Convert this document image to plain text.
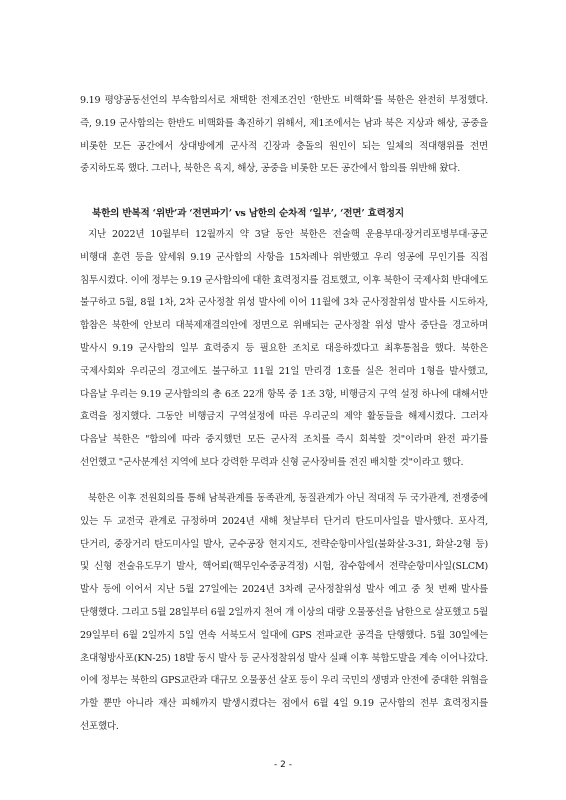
9.19 평양공동선언의 부속합의서로 채택한 전제조건인 ‘한반도 비핵화’를 북한은 완전히 부정했다. 즉, 9.19 군사합의는 한반도 비핵화를 촉진하기 위해서, 제1조에서는 남과 북은 지상과 해상, 공중을 비롯한 모든 공간에서 상대방에게 군사적 긴장과 충돌의 원인이 되는 일체의 적대행위를 전면 중지하도록 했다. 그러나, 북한은 육지, 해상, 공중을 비롯한 모든 공간에서 합의를 위반해 왔다.

북한의 반복적 ‘위반’과 ‘전면파기’ vs 남한의 순차적 ‘일부’, ‘전면’ 효력정지

지난 2022년 10월부터 12월까지 약 3달 동안 북한은 전술핵 운용부대·장거리포병부대·공군 비행대 훈련 등을 앞세워 9.19 군사합의 사항을 15차례나 위반했고 우리 영공에 무인기를 직접 침투시켰다. 이에 정부는 9.19 군사합의에 대한 효력정지를 검토했고, 이후 북한이 국제사회 반대에도 불구하고 5월, 8월 1차, 2차 군사정찰 위성 발사에 이어 11월에 3차 군사정찰위성 발사를 시도하자, 합참은 북한에 안보리 대북제재결의안에 정면으로 위배되는 군사정찰 위성 발사 중단을 경고하며 발사시 9.19 군사합의 일부 효력중지 등 필요한 조치로 대응하겠다고 최후통첩을 했다. 북한은 국제사회와 우리군의 경고에도 불구하고 11월 21일 만리경 1호를 실은 천리마 1형을 발사했고, 다음날 우리는 9.19 군사합의의 총 6조 22개 항목 중 1조 3항, 비행금지 구역 설정 하나에 대해서만 효력을 정지했다. 그동안 비행금지 구역설정에 따른 우리군의 제약 활동들을 해제시켰다. 그러자 다음날 북한은 "합의에 따라 중지했던 모든 군사적 조치를 즉시 회복할 것"이라며 완전 파기를 선언했고 "군사분계선 지역에 보다 강력한 무력과 신형 군사장비를 전진 배치할 것"이라고 했다.

북한은 이후 전원회의를 통해 남북관계를 동족관계, 동질관계가 아닌 적대적 두 국가관계, 전쟁중에 있는 두 교전국 관계로 규정하며 2024년 새해 첫날부터 단거리 탄도미사일을 발사했다. 포사격, 단거리, 중장거리 탄도미사일 발사, 군수공장 현지지도, 전략순항미사일(불화살-3-31, 화살-2형 등) 및 신형 전술유도무기 발사, 핵어뢰(핵무인수중공격정) 시험, 잠수함에서 전략순항미사일(SLCM) 발사 등에 이어서 지난 5월 27일에는 2024년 3차례 군사정찰위성 발사 예고 중 첫 번째 발사를 단행했다. 그리고 5월 28일부터 6월 2일까지 천여 개 이상의 대량 오물풍선을 남한으로 살포했고 5월 29일부터 6월 2일까지 5일 연속 서북도서 일대에 GPS 전파교란 공격을 단행했다. 5월 30일에는 초대형방사포(KN-25) 18발 동시 발사 등 군사정찰위성 발사 실패 이후 북합도발을 계속 이어나갔다. 이에 정부는 북한의 GPS교란과 대규모 오물풍선 살포 등이 우리 국민의 생명과 안전에 중대한 위협을 가할 뿐만 아니라 재산 피해까지 발생시켰다는 점에서 6월 4일 9.19 군사합의 전부 효력정지를 선포했다.

- 2 -
